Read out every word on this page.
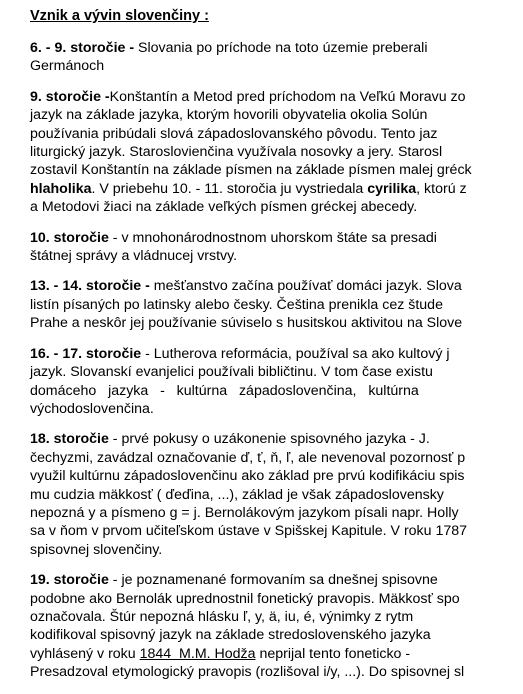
Vznik a vývin slovenčiny :
6. - 9. storočie - Slovania po príchode na toto územie preberali
Germánoch
9. storočie -Konštantín a Metod pred príchodom na Veľkú Moravu zo
jazyk na základe jazyka, ktorým hovorili obyvatelia okolia Solún
používania pribúdali slová západoslovanského pôvodu. Tento jaz
liturgický jazyk. Staroslovienčina využívala nosovky a jery. Starosl
zostavil Konštantín na základe písmen na základe písmen malej gréck
hlaholika. V priebehu 10. - 11. storočia ju vystriedala cyrilika, ktorú z
a Metodovi žiaci na základe veľkých písmen gréckej abecedy.
10. storočie - v mnohonárodnostnom uhorskom štáte sa presadi
štátnej správy a vládnucej vrstvy.
13. - 14. storočie - mešťanstvo začína používať domáci jazyk. Slova
listín písaných po latinsky alebo česky. Čeština prenikla cez štude
Prahe a neskôr jej používanie súviselo s husitskou aktivitou na Slove
16. - 17. storočie - Lutherova reformácia, používal sa ako kultový j
jazyk. Slovanskí evanjelici používali bibličtinu. V tom čase existu
domáceho   jazyka   -   kultúrna   západoslovenčina,   kultúrna
východoslovenčina.
18. storočie - prvé pokusy o uzákonenie spisovného jazyka - J.
čechyzmi, zavádzal označovanie ď, ť, ň, ľ, ale nevenoval pozornosť p
využil kultúrnu západoslovenčinu ako základ pre prvú kodifikáciu spis
mu cudzia mäkkosť ( ďeďina, ...), základ je však západoslovensky
nepozná y a písmeno g = j. Bernolákovým jazykom písali napr. Holly
sa v ňom v prvom učiteľskom ústave v Spišskej Kapitule. V roku 1787
spisovnej slovenčiny.
19. storočie - je poznamenané formovaním sa dnešnej spisovne
podobne ako Bernolák uprednostnil fonetický pravopis. Mäkkosť spo
označovala. Štúr nepozná hlásku ľ, y, ä, iu, é, výnimky z rytm
kodifikoval spisovný jazyk na základe stredoslovenského jazyka
vyhlásený v roku 1844  M.M. Hodža neprijal tento foneticko -
Presadzoval etymologický pravopis (rozlišoval i/y, ...). Do spisovnej sl
